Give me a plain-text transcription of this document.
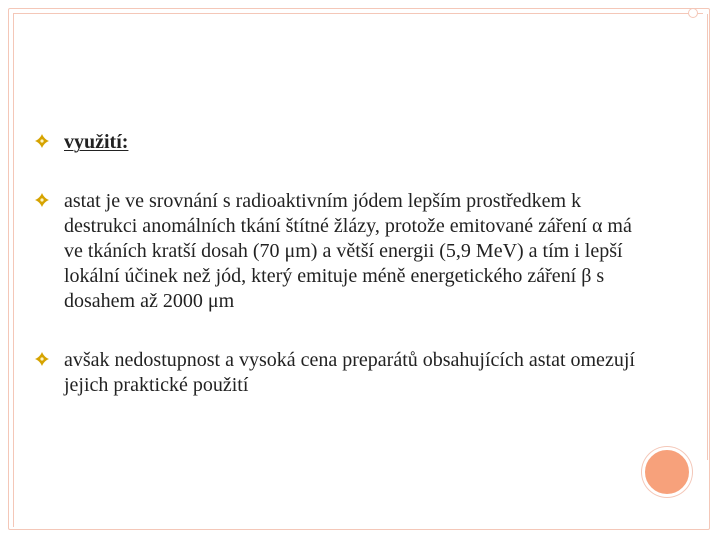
využití:
astat je ve srovnání s radioaktivním jódem lepším prostředkem k destrukci anomálních tkání štítné žlázy, protože emitované záření α má ve tkáních kratší dosah (70 μm) a větší energii (5,9 MeV) a tím i lepší lokální účinek než jód, který emituje méně energetického záření β s dosahem až 2000 μm
avšak nedostupnost a vysoká cena preparátů obsahujících astat omezují jejich praktické použití
